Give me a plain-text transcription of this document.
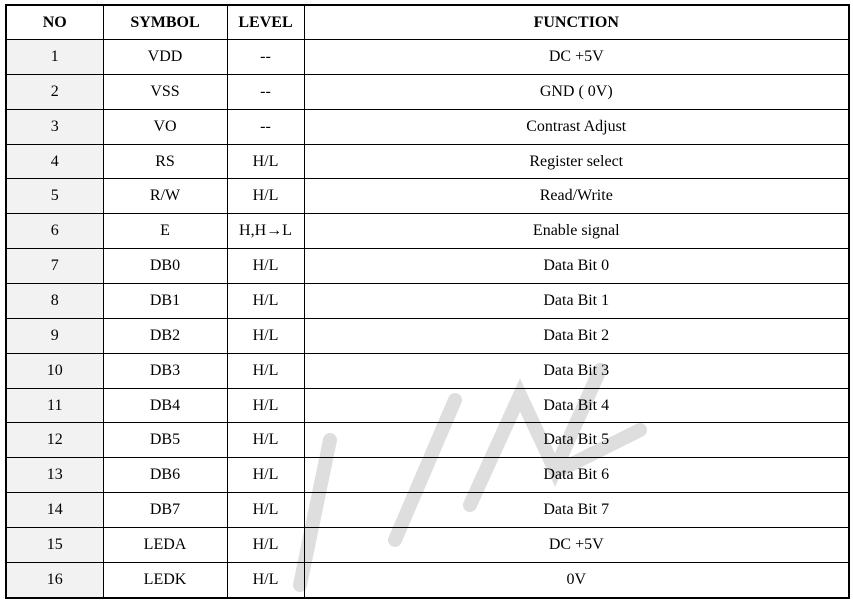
NO	SYMBOL	LEVEL	FUNCTION
1	VDD	--	DC +5V
2	VSS	--	GND ( 0V)
3	VO	--	Contrast Adjust
4	RS	H/L	Register select
5	R/W	H/L	Read/Write
6	E	H,H→L	Enable signal
7	DB0	H/L	Data Bit 0
8	DB1	H/L	Data Bit 1
9	DB2	H/L	Data Bit 2
10	DB3	H/L	Data Bit 3
11	DB4	H/L	Data Bit 4
12	DB5	H/L	Data Bit 5
13	DB6	H/L	Data Bit 6
14	DB7	H/L	Data Bit 7
15	LEDA	H/L	DC +5V
16	LEDK	H/L	0V
